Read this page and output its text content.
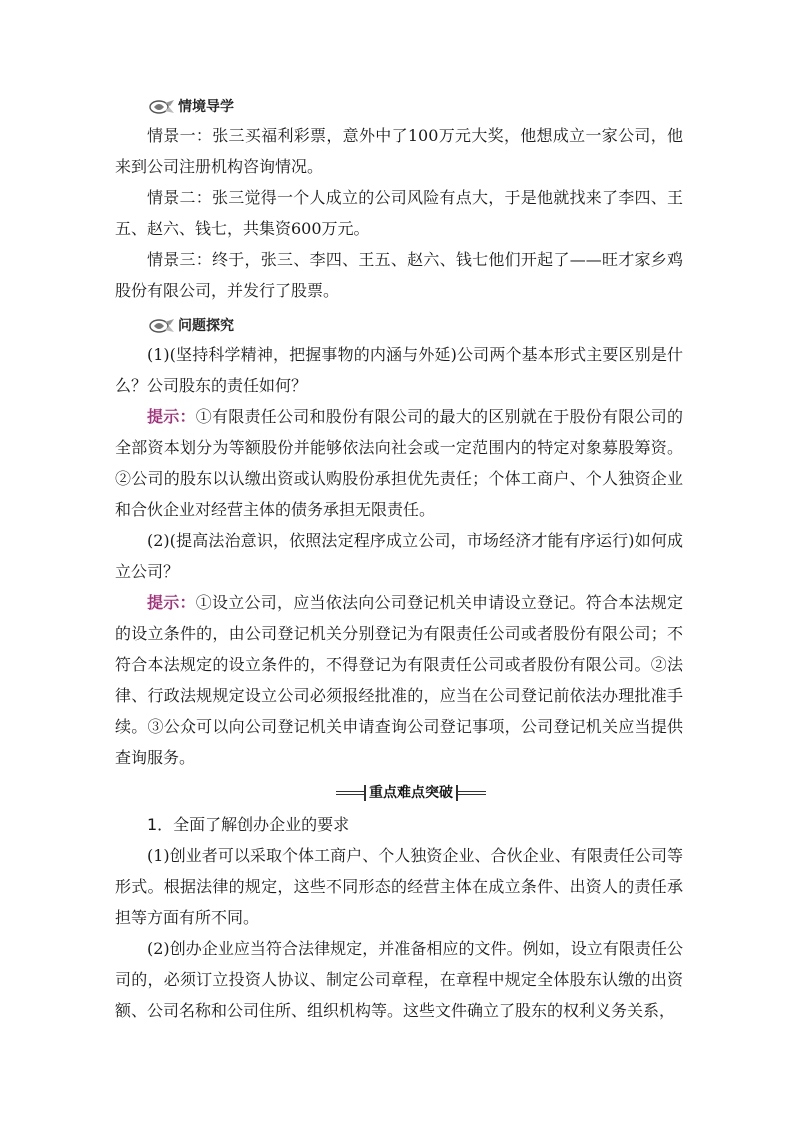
情境导学

情景一：张三买福利彩票，意外中了100万元大奖，他想成立一家公司，他来到公司注册机构咨询情况。

情景二：张三觉得一个人成立的公司风险有点大，于是他就找来了李四、王五、赵六、钱七，共集资600万元。

情景三：终于，张三、李四、王五、赵六、钱七他们开起了——旺才家乡鸡股份有限公司，并发行了股票。

问题探究

(1)(坚持科学精神，把握事物的内涵与外延)公司两个基本形式主要区别是什么？公司股东的责任如何？

提示：①有限责任公司和股份有限公司的最大的区别就在于股份有限公司的全部资本划分为等额股份并能够依法向社会或一定范围内的特定对象募股筹资。②公司的股东以认缴出资或认购股份承担优先责任；个体工商户、个人独资企业和合伙企业对经营主体的债务承担无限责任。

(2)(提高法治意识，依照法定程序成立公司，市场经济才能有序运行)如何成立公司？

提示：①设立公司，应当依法向公司登记机关申请设立登记。符合本法规定的设立条件的，由公司登记机关分别登记为有限责任公司或者股份有限公司；不符合本法规定的设立条件的，不得登记为有限责任公司或者股份有限公司。②法律、行政法规规定设立公司必须报经批准的，应当在公司登记前依法办理批准手续。③公众可以向公司登记机关申请查询公司登记事项，公司登记机关应当提供查询服务。

重点难点突破

1．全面了解创办企业的要求

(1)创业者可以采取个体工商户、个人独资企业、合伙企业、有限责任公司等形式。根据法律的规定，这些不同形态的经营主体在成立条件、出资人的责任承担等方面有所不同。

(2)创办企业应当符合法律规定，并准备相应的文件。例如，设立有限责任公司的，必须订立投资人协议、制定公司章程，在章程中规定全体股东认缴的出资额、公司名称和公司住所、组织机构等。这些文件确立了股东的权利义务关系，
